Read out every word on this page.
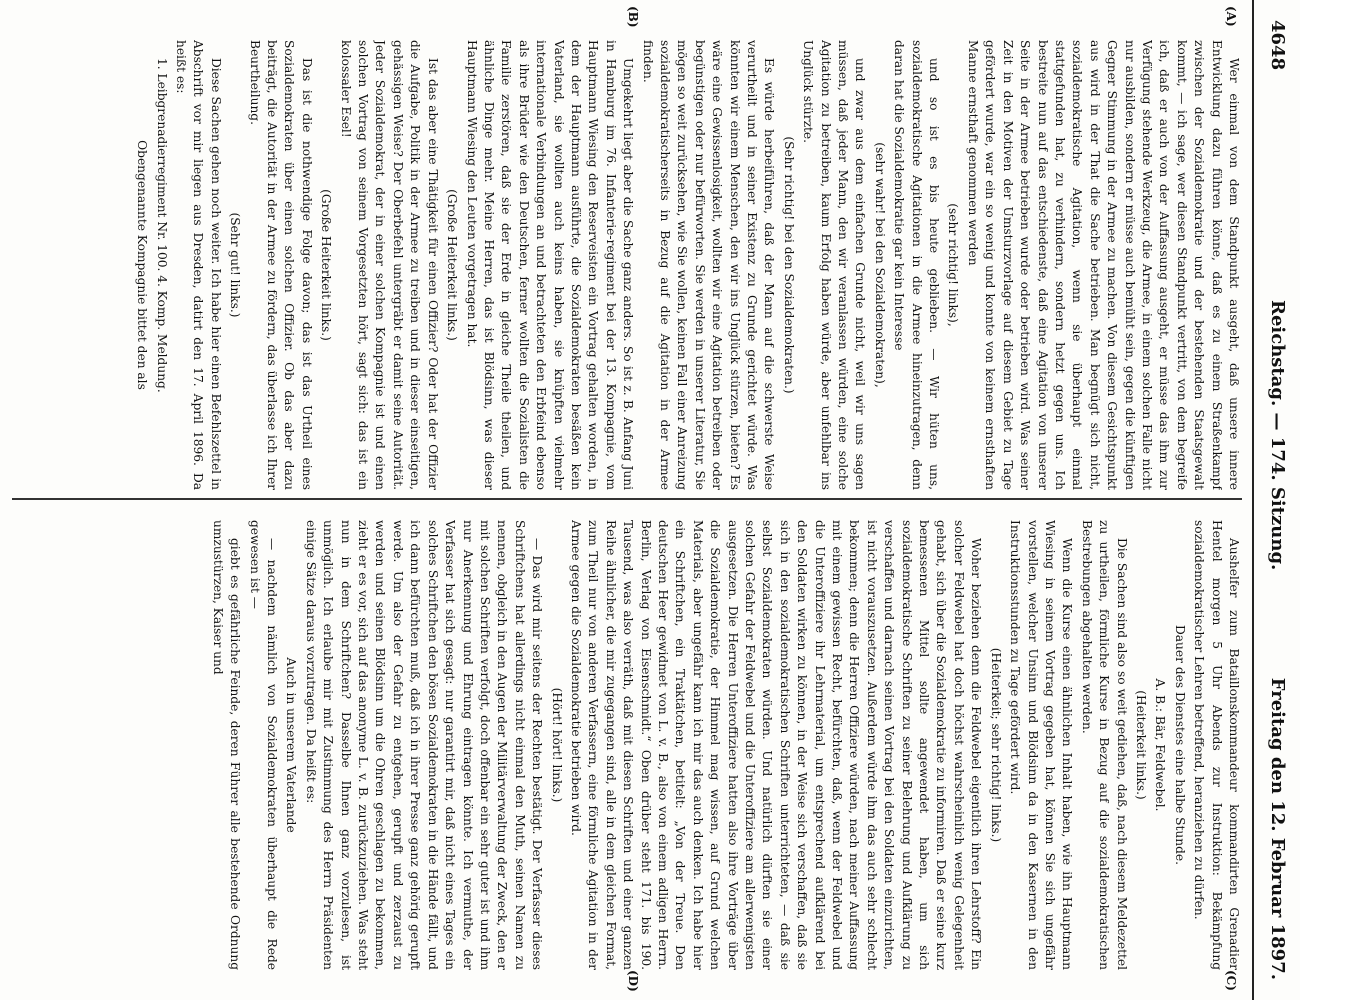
4648
Reichstag. — 174. Sitzung.
Freitag den 12. Februar 1897.
(A)
(B)
(C)
(D)

Wer einmal von dem Standpunkt ausgeht, daß unsere innere Entwicklung dazu führen könne, daß es zu einem Straßenkampf zwischen der Sozialdemokratie und der bestehenden Staatsgewalt kommt, — ich sage, wer diesen Standpunkt vertritt, von dem begreife ich, daß er auch von der Auffassung ausgeht, er müsse das ihm zur Verfügung stehende Werkzeug, die Armee, in einem solchen Falle nicht nur ausbilden, sondern er müsse auch bemüht sein, gegen die künftigen Gegner Stimmung in der Armee zu machen. Von diesem Gesichtspunkt aus wird in der That die Sache betrieben. Man begnügt sich nicht, sozialdemokratische Agitation, wenn sie überhaupt einmal stattgefunden hat, zu verhindern, sondern hetzt gegen uns. Ich bestreite nun auf das entschiedenste, daß eine Agitation von unserer Seite in der Armee betrieben wurde oder betrieben wird. Was seiner Zeit in den Motiven der Umsturzvorlage auf diesem Gebiet zu Tage gefördert wurde, war ein so wenig und konnte von keinem ernsthaften Manne ernsthaft genommen werden

(sehr richtig! links),

und so ist es bis heute geblieben. — Wir hüten uns, sozialdemokratische Agitationen in die Armee hineinzutragen, denn daran hat die Sozialdemokratie gar kein Interesse

(sehr wahr! bei den Sozialdemokraten),

und zwar aus dem einfachen Grunde nicht, weil wir uns sagen müssen, daß jeder Mann, den wir veranlassen würden, eine solche Agitation zu betreiben, kaum Erfolg haben würde, aber unfehlbar ins Unglück stürzte.

(Sehr richtig! bei den Sozialdemokraten.)

Es würde herbeiführen, daß der Mann auf die schwerste Weise verurtheilt und in seiner Existenz zu Grunde gerichtet würde. Was könnten wir einem Menschen, den wir ins Unglück stürzen, bieten? Es wäre eine Gewissenlosigkeit, wollten wir eine Agitation betreiben oder begünstigen oder nur befürworten. Sie werden in unserer Literatur, Sie mögen so weit zurücksehen, wie Sie wollen, keinen Fall einer Anreizung sozialdemokratischerseits in Bezug auf die Agitation in der Armee finden.

Umgekehrt liegt aber die Sache ganz anders. So ist z. B. Anfang Juni in Hamburg im 76. Infanterie-regiment bei der 13. Kompagnie, vom Hauptmann Wiesing den Reserveisten ein Vortrag gehalten worden, in dem der Hauptmann ausführte, die Sozialdemokraten besäßen kein Vaterland, sie wollten auch keins haben, sie knüpften vielmehr internationale Verbindungen an und betrachteten den Erbfeind ebenso als ihre Brüder wie den Deutschen, ferner wollten die Sozialisten die Familie zerstören, daß sie der Erde in gleiche Theile theilen, und ähnliche Dinge mehr. Meine Herren, das ist Blödsinn, was dieser Hauptmann Wiesing den Leuten vorgetragen hat.

(Große Heiterkeit links.)

Ist das aber eine Thätigkeit für einen Offizier? Oder hat der Offizier die Aufgabe, Politik in der Armee zu treiben und in dieser einseitigen, gehässigen Weise? Der Oberbefehl untergräbt er damit seine Autorität. Jeder Sozialdemokrat, der in einer solchen Kompagnie ist und einen solchen Vortrag von seinem Vorgesetzten hört, sagt sich: das ist ein kolossaler Esel!

(Große Heiterkeit links.)

Das ist die nothwendige Folge davon; das ist das Urtheil eines Sozialdemokraten über einen solchen Offizier. Ob das aber dazu beiträgt, die Autorität in der Armee zu fördern, das überlasse ich Ihrer Beurtheilung.

(Sehr gut! links.)

Diese Sachen gehen noch weiter. Ich habe hier einen Befehlszettel in Abschrift vor mir liegen aus Dresden, datirt den 17. April 1896. Da heißt es:

1. Leibgrenadierregiment Nr. 100. 4. Komp. Meldung.

Obengenannte Kompagnie bittet den als

Aushelfer zum Bataillonskommandeur kommandirten Grenadier Hentel morgen 5 Uhr Abends zur Instruktion: Bekämpfung sozialdemokratischer Lehren betreffend, heranziehen zu dürfen.

Dauer des Dienstes eine halbe Stunde.

A. B.: Bär, Feldwebel.

(Heiterkeit links.)

Die Sachen sind also so weit gediehen, daß, nach diesem Meldezettel zu urtheilen, förmliche Kurse in Bezug auf die sozialdemokratischen Bestrebungen abgehalten werden.

Wenn die Kurse einen ähnlichen Inhalt haben, wie ihn Hauptmann Wiesing in seinem Vortrag gegeben hat, können Sie sich ungefähr vorstellen, welcher Unsinn und Blödsinn da in den Kasernen in den Instruktionsstunden zu Tage gefördert wird.

(Heiterkeit; sehr richtig! links.)

Woher beziehen denn die Feldwebel eigentlich ihren Lehrstoff? Ein solcher Feldwebel hat doch höchst wahrscheinlich wenig Gelegenheit gehabt, sich über die Sozialdemokratie zu informiren. Daß er seine kurz bemessenen Mittel sollte angewendet haben, um sich sozialdemokratische Schriften zu seiner Belehrung und Aufklärung zu verschaffen und darnach seinen Vortrag bei den Soldaten einzurichten, ist nicht vorauszusetzen. Außerdem würde ihm das auch sehr schlecht bekommen; denn die Herren Offiziere würden, nach meiner Auffassung mit einem gewissen Recht, befürchten, daß, wenn der Feldwebel und die Unteroffiziere ihr Lehrmaterial, um entsprechend aufklärend bei den Soldaten wirken zu können, in der Weise sich verschaffen, daß sie sich in den sozialdemokratischen Schriften unterrichteten, — daß sie selbst Sozialdemokraten würden. Und natürlich dürften sie einer solchen Gefahr der Feldwebel und die Unteroffiziere am allerwenigsten ausgesetzen. Die Herren Unteroffiziere hatten also ihre Vorträge über die Sozialdemokratie, der Himmel mag wissen, auf Grund welchen Materials, aber ungefähr kann ich mir das auch denken. Ich habe hier ein Schriftchen, ein Traktätchen, betitelt: „Von der Treue. Den deutschen Heer gewidmet von L. v. B., also von einem adligen Herrn. Berlin, Verlag von Eisenschmidt.“ Oben drüber steht 171. bis 190. Tausend, was also verräth, daß mit diesen Schriften und einer ganzen Reihe ähnlicher, die mir zugegangen sind, alle in dem gleichen Format, zum Theil nur von anderen Verfassern, eine förmliche Agitation in der Armee gegen die Sozialdemokratie betrieben wird.

(Hört! hört! links.)

— Das wird mir seitens der Rechten bestätigt. Der Verfasser dieses Schriftchens hat allerdings nicht einmal den Muth, seinen Namen zu nennen, obgleich in den Augen der Militärverwaltung der Zweck, den er mit solchen Schriften verfolgt, doch offenbar ein sehr guter ist und ihm nur Anerkennung und Ehrung eintragen könnte. Ich vermuthe, der Verfasser hat sich gesagt: nur garantirt mir, daß nicht eines Tages ein solches Schriftchen den bösen Sozialdemokraten in die Hände fällt, und ich dann befürchten muß, daß ich in ihrer Presse ganz gehörig gerupft werde. Um also der Gefahr zu entgehen, gerupft und zerzaust zu werden und seinen Blödsinn um die Ohren geschlagen zu bekommen, zieht er es vor, sich auf das anonyme L. v. B. zurückzuziehen. Was steht nun in dem Schriftchen? Dasselbe Ihnen ganz vorzulesen, ist unmöglich. Ich erlaube mir mit Zustimmung des Herrn Präsidenten einige Sätze daraus vorzutragen. Da heißt es:

Auch in unserem Vaterlande

— nachdem nämlich von Sozialdemokraten überhaupt die Rede gewesen ist —

giebt es gefährliche Feinde, deren Führer alle bestehende Ordnung umzustürzen, Kaiser und
